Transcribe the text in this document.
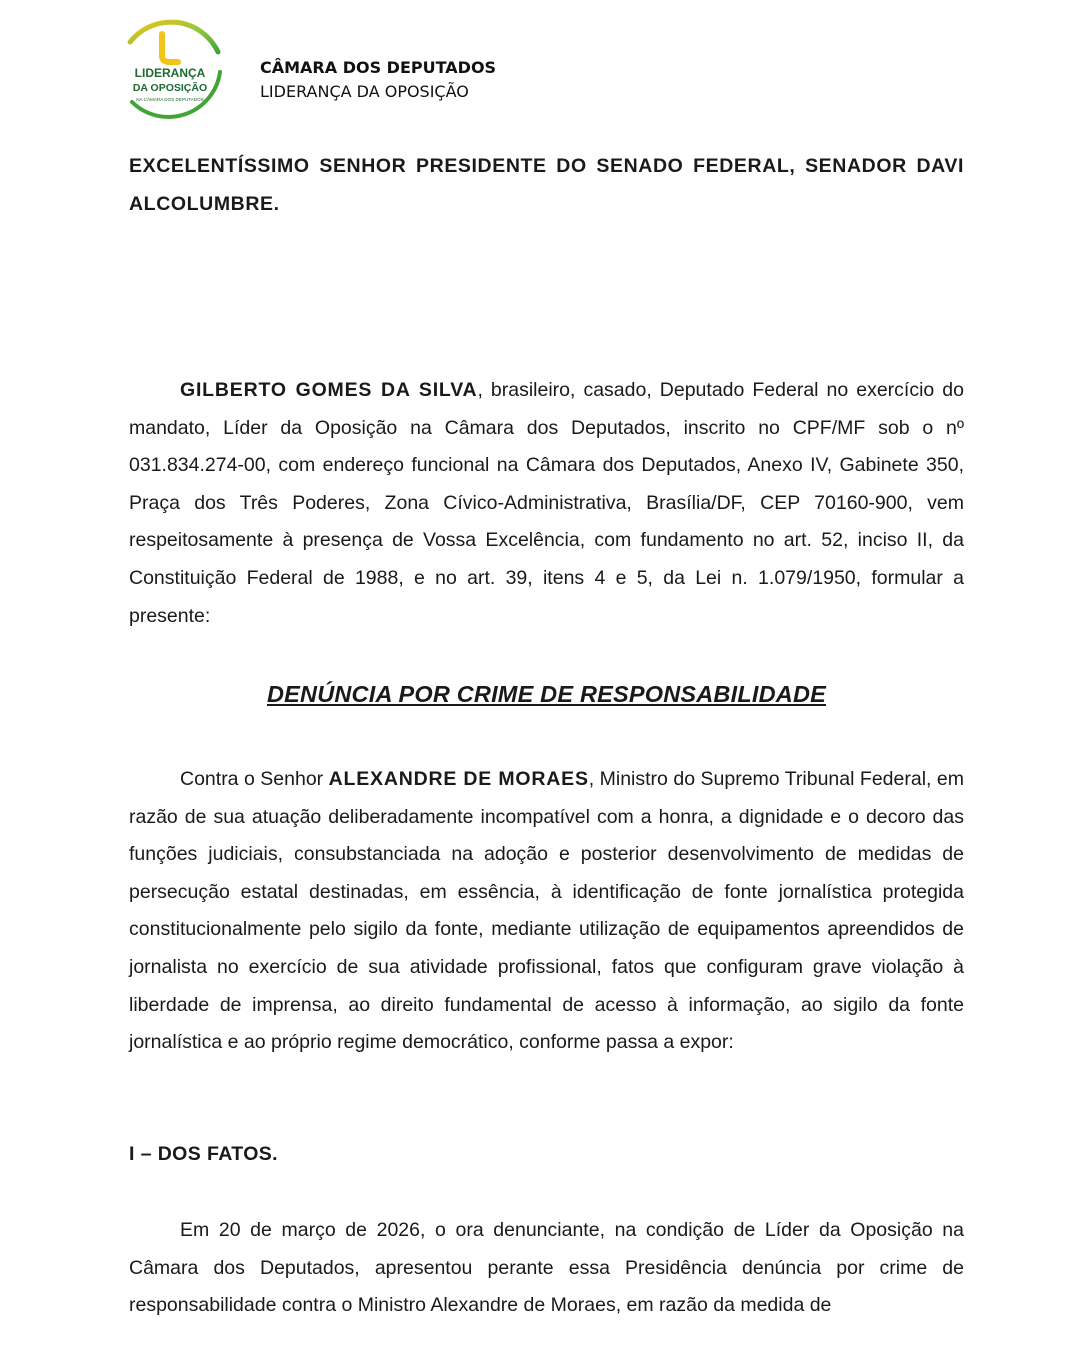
LIDERANÇA
DA OPOSIÇÃO
NA CÂMARA DOS DEPUTADOS
CÂMARA DOS DEPUTADOS
LIDERANÇA DA OPOSIÇÃO

EXCELENTÍSSIMO SENHOR PRESIDENTE DO SENADO FEDERAL, SENADOR DAVI ALCOLUMBRE.

GILBERTO GOMES DA SILVA, brasileiro, casado, Deputado Federal no exercício do mandato, Líder da Oposição na Câmara dos Deputados, inscrito no CPF/MF sob o nº 031.834.274-00, com endereço funcional na Câmara dos Deputados, Anexo IV, Gabinete 350, Praça dos Três Poderes, Zona Cívico-Administrativa, Brasília/DF, CEP 70160-900, vem respeitosamente à presença de Vossa Excelência, com fundamento no art. 52, inciso II, da Constituição Federal de 1988, e no art. 39, itens 4 e 5, da Lei n. 1.079/1950, formular a presente:

DENÚNCIA POR CRIME DE RESPONSABILIDADE

Contra o Senhor ALEXANDRE DE MORAES, Ministro do Supremo Tribunal Federal, em razão de sua atuação deliberadamente incompatível com a honra, a dignidade e o decoro das funções judiciais, consubstanciada na adoção e posterior desenvolvimento de medidas de persecução estatal destinadas, em essência, à identificação de fonte jornalística protegida constitucionalmente pelo sigilo da fonte, mediante utilização de equipamentos apreendidos de jornalista no exercício de sua atividade profissional, fatos que configuram grave violação à liberdade de imprensa, ao direito fundamental de acesso à informação, ao sigilo da fonte jornalística e ao próprio regime democrático, conforme passa a expor:

I – DOS FATOS.

Em 20 de março de 2026, o ora denunciante, na condição de Líder da Oposição na Câmara dos Deputados, apresentou perante essa Presidência denúncia por crime de responsabilidade contra o Ministro Alexandre de Moraes, em razão da medida de
